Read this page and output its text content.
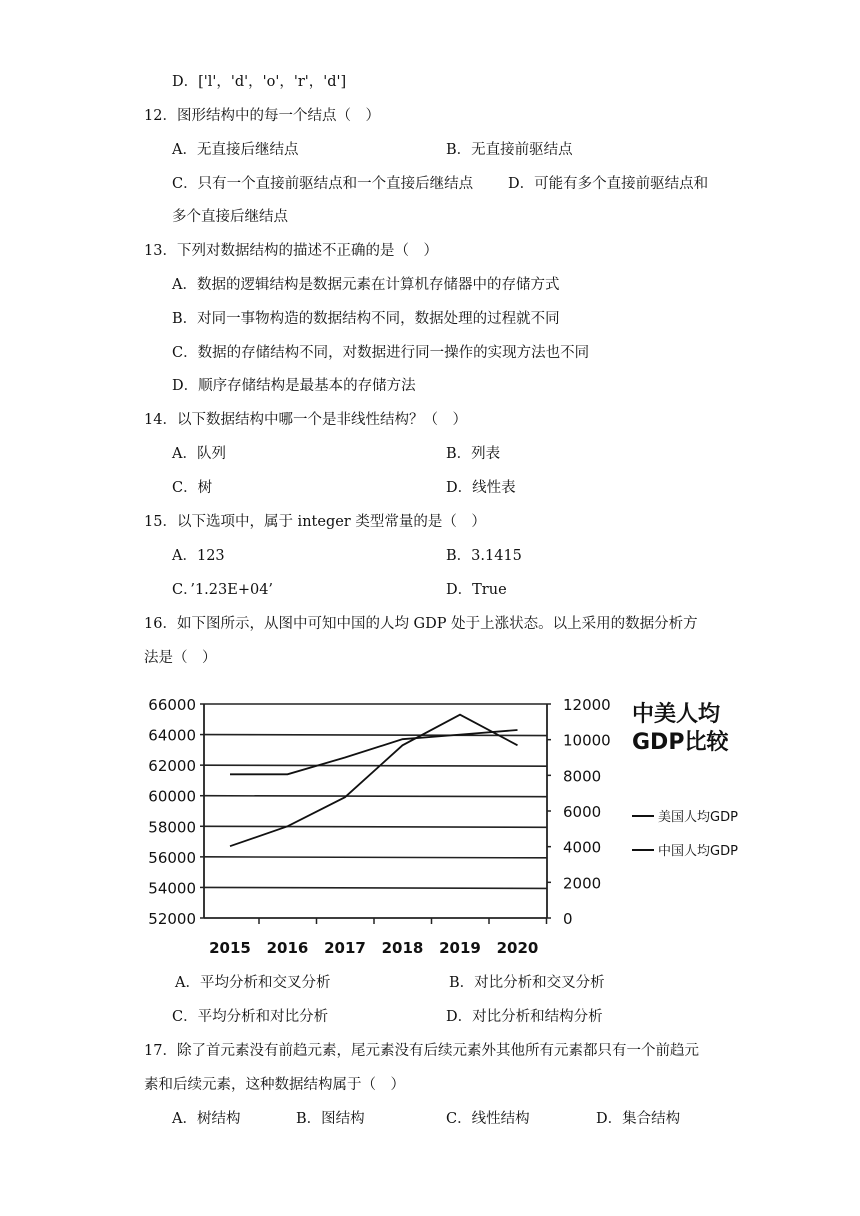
D．['l'，'d'，'o'，'r'，'d']
12．图形结构中的每一个结点（　）
A．无直接后继结点	B．无直接前驱结点
C．只有一个直接前驱结点和一个直接后继结点 D．可能有多个直接前驱结点和
多个直接后继结点
13．下列对数据结构的描述不正确的是（　）
A．数据的逻辑结构是数据元素在计算机存储器中的存储方式
B．对同一事物构造的数据结构不同，数据处理的过程就不同
C．数据的存储结构不同，对数据进行同一操作的实现方法也不同
D．顺序存储结构是最基本的存储方法
14．以下数据结构中哪一个是非线性结构？（　）
A．队列	B．列表
C．树	D．线性表
15．以下选项中，属于 integer 类型常量的是（　）
A．123	B．3.1415
C．’1.23E+04’	D．True
16．如下图所示，从图中可知中国的人均 GDP 处于上涨状态。以上采用的数据分析方
法是（　）
66000
64000
62000
60000
58000
56000
54000
52000
12000
10000
8000
6000
4000
2000
0
2015 2016 2017 2018 2019 2020
中美人均
GDP比较
美国人均GDP
中国人均GDP
A．平均分析和交叉分析	B．对比分析和交叉分析
C．平均分析和对比分析	D．对比分析和结构分析
17．除了首元素没有前趋元素，尾元素没有后续元素外其他所有元素都只有一个前趋元
素和后续元素，这种数据结构属于（　）
A．树结构	B．图结构	C．线性结构	D．集合结构
